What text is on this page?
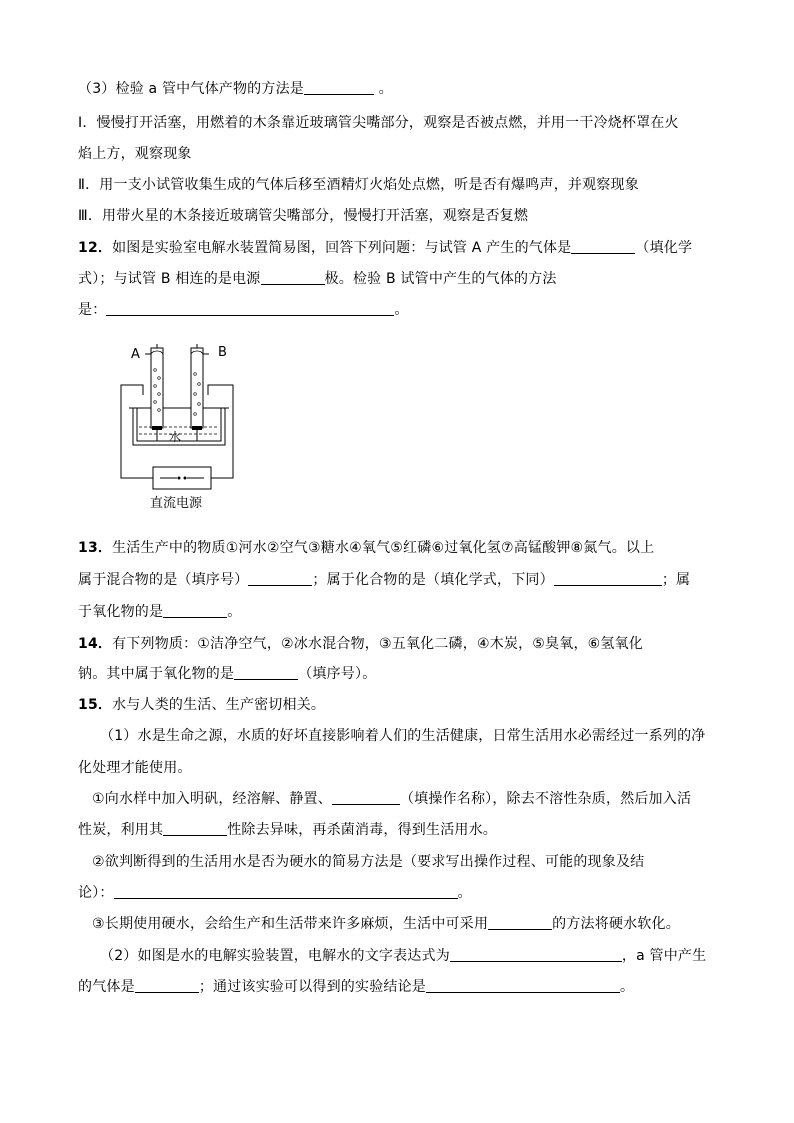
（3）检验 a 管中气体产物的方法是	。
Ⅰ．慢慢打开活塞，用燃着的木条靠近玻璃管尖嘴部分，观察是否被点燃，并用一干冷烧杯罩在火
焰上方，观察现象
Ⅱ．用一支小试管收集生成的气体后移至酒精灯火焰处点燃，听是否有爆鸣声，并观察现象
Ⅲ．用带火星的木条接近玻璃管尖嘴部分，慢慢打开活塞，观察是否复燃
12．如图是实验室电解水装置简易图，回答下列问题：与试管 A 产生的气体是	（填化学
式）；与试管 B 相连的是电源	极。检验 B 试管中产生的气体的方法
是：	。
A	B
水
直流电源
13．生活生产中的物质①河水②空气③糖水④氧气⑤红磷⑥过氧化氢⑦高锰酸钾⑧氮气。以上
属于混合物的是（填序号）	；属于化合物的是（填化学式，下同）	；属
于氧化物的是	。
14．有下列物质：①洁净空气，②冰水混合物，③五氧化二磷，④木炭，⑤臭氧，⑥氢氧化
钠。其中属于氧化物的是	（填序号）。
15．水与人类的生活、生产密切相关。
（1）水是生命之源，水质的好坏直接影响着人们的生活健康，日常生活用水必需经过一系列的净
化处理才能使用。
①向水样中加入明矾，经溶解、静置、	（填操作名称），除去不溶性杂质，然后加入活
性炭，利用其	性除去异味，再杀菌消毒，得到生活用水。
②欲判断得到的生活用水是否为硬水的简易方法是（要求写出操作过程、可能的现象及结
论）：	。
③长期使用硬水，会给生产和生活带来许多麻烦，生活中可采用	的方法将硬水软化。
（2）如图是水的电解实验装置，电解水的文字表达式为	，a 管中产生
的气体是	；通过该实验可以得到的实验结论是	。
